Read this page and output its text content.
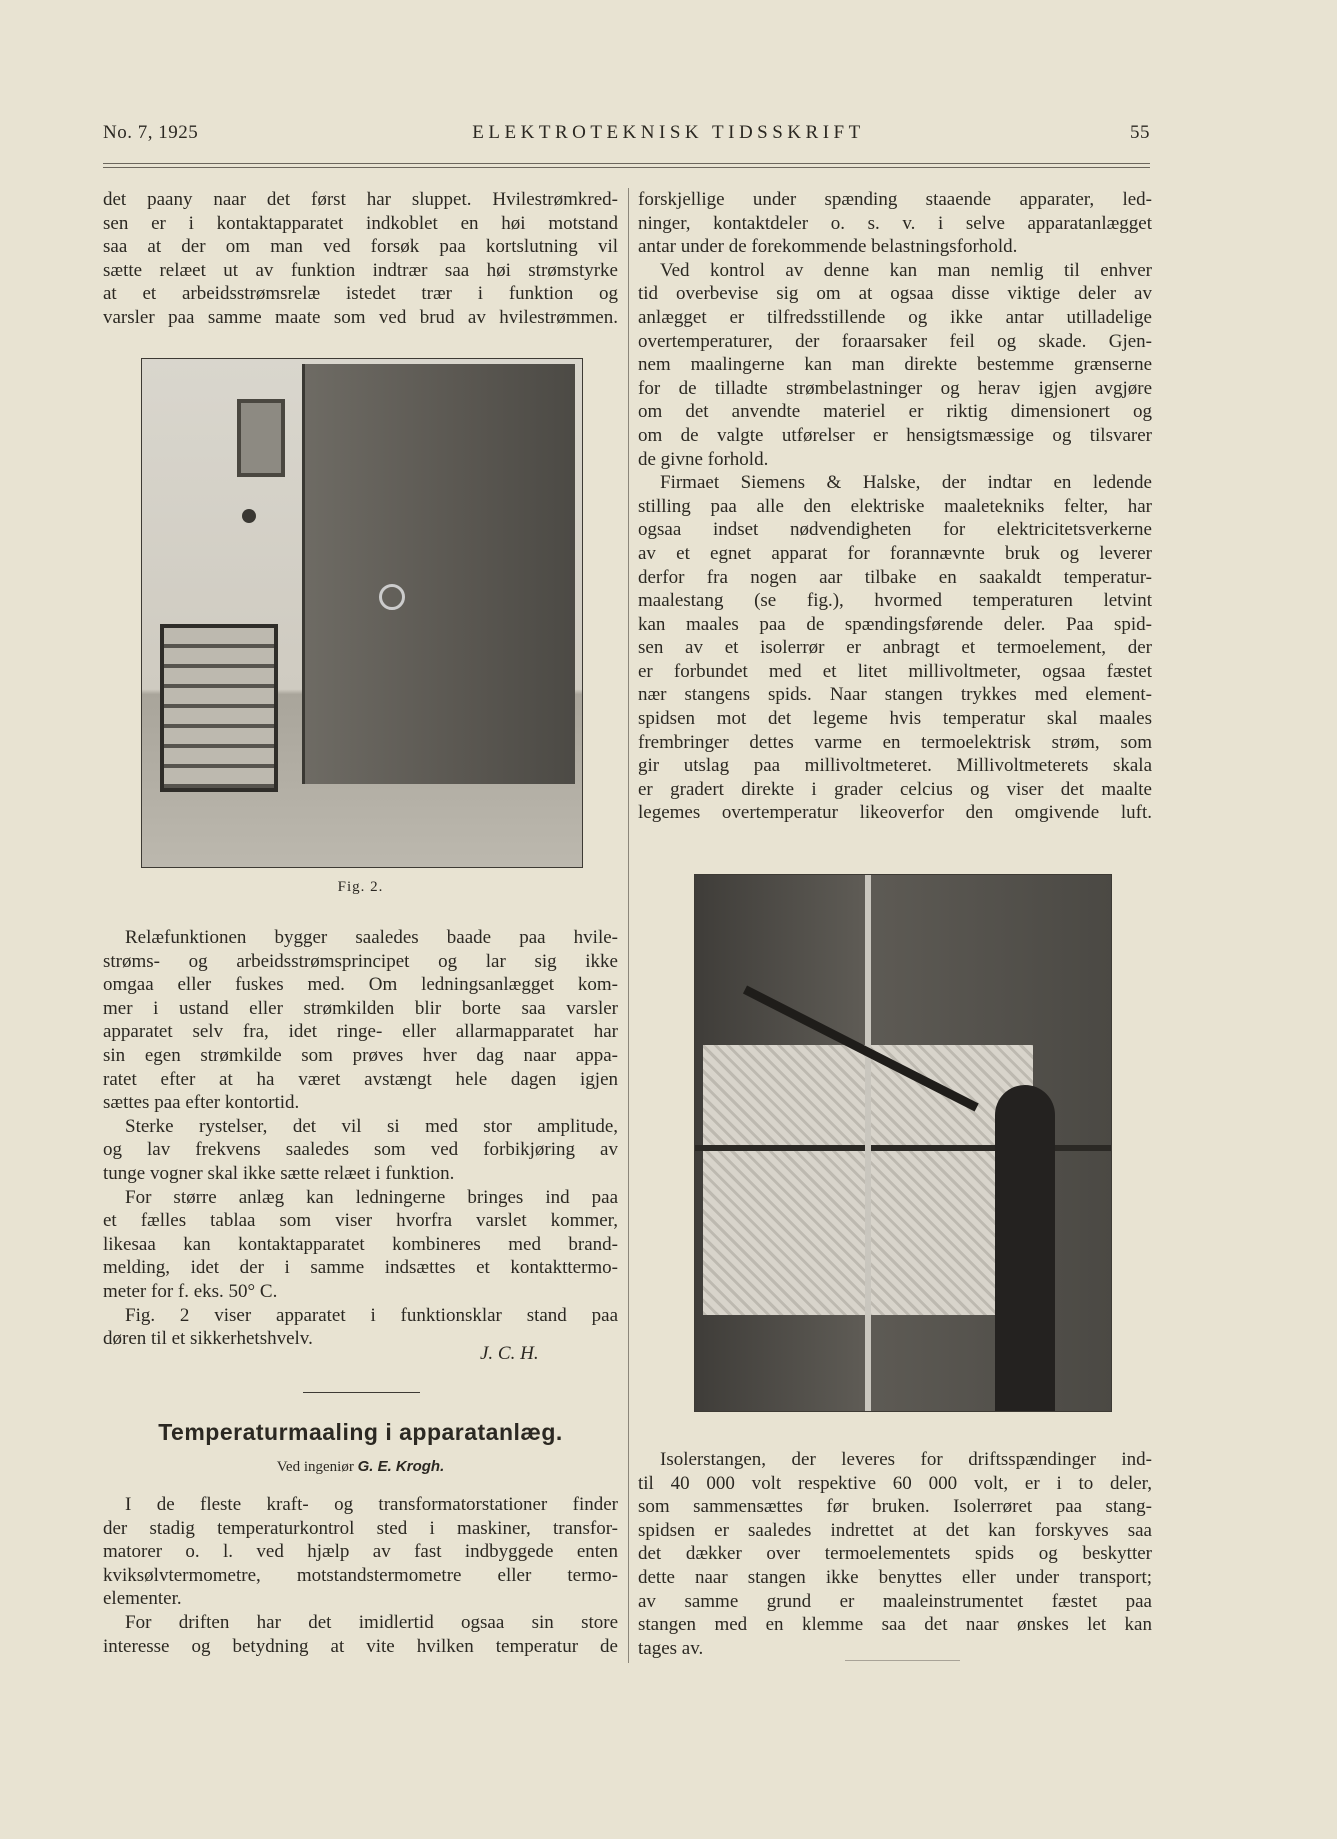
No. 7, 1925	ELEKTROTEKNISK TIDSSKRIFT	55
det paany naar det først har sluppet. Hvilestrømkred-
sen er i kontaktapparatet indkoblet en høi motstand
saa at der om man ved forsøk paa kortslutning vil
sætte relæet ut av funktion indtrær saa høi strømstyrke
at et arbeidsstrømsrelæ istedet trær i funktion og
varsler paa samme maate som ved brud av hvilestrømmen.
Fig. 2.
Relæfunktionen bygger saaledes baade paa hvile-
strøms- og arbeidsstrømsprincipet og lar sig ikke
omgaa eller fuskes med. Om ledningsanlægget kom-
mer i ustand eller strømkilden blir borte saa varsler
apparatet selv fra, idet ringe- eller allarmapparatet har
sin egen strømkilde som prøves hver dag naar appa-
ratet efter at ha været avstængt hele dagen igjen
sættes paa efter kontortid.
Sterke rystelser, det vil si med stor amplitude,
og lav frekvens saaledes som ved forbikjøring av
tunge vogner skal ikke sætte relæet i funktion.
For større anlæg kan ledningerne bringes ind paa
et fælles tablaa som viser hvorfra varslet kommer,
likesaa kan kontaktapparatet kombineres med brand-
melding, idet der i samme indsættes et kontakttermo-
meter for f. eks. 50° C.
Fig. 2 viser apparatet i funktionsklar stand paa
døren til et sikkerhetshvelv.
J. C. H.
Temperaturmaaling i apparatanlæg.
Ved ingeniør G. E. Krogh.
I de fleste kraft- og transformatorstationer finder
der stadig temperaturkontrol sted i maskiner, transfor-
matorer o. l. ved hjælp av fast indbyggede enten
kviksølvtermometre, motstandstermometre eller termo-
elementer.
For driften har det imidlertid ogsaa sin store
interesse og betydning at vite hvilken temperatur de
forskjellige under spænding staaende apparater, led-
ninger, kontaktdeler o. s. v. i selve apparatanlægget
antar under de forekommende belastningsforhold.
Ved kontrol av denne kan man nemlig til enhver
tid overbevise sig om at ogsaa disse viktige deler av
anlægget er tilfredsstillende og ikke antar utilladelige
overtemperaturer, der foraarsaker feil og skade. Gjen-
nem maalingerne kan man direkte bestemme grænserne
for de tilladte strømbelastninger og herav igjen avgjøre
om det anvendte materiel er riktig dimensionert og
om de valgte utførelser er hensigtsmæssige og tilsvarer
de givne forhold.
Firmaet Siemens & Halske, der indtar en ledende
stilling paa alle den elektriske maaletekniks felter, har
ogsaa indset nødvendigheten for elektricitetsverkerne
av et egnet apparat for forannævnte bruk og leverer
derfor fra nogen aar tilbake en saakaldt temperatur-
maalestang (se fig.), hvormed temperaturen letvint
kan maales paa de spændingsførende deler. Paa spid-
sen av et isolerrør er anbragt et termoelement, der
er forbundet med et litet millivoltmeter, ogsaa fæstet
nær stangens spids. Naar stangen trykkes med element-
spidsen mot det legeme hvis temperatur skal maales
frembringer dettes varme en termoelektrisk strøm, som
gir utslag paa millivoltmeteret. Millivoltmeterets skala
er gradert direkte i grader celcius og viser det maalte
legemes overtemperatur likeoverfor den omgivende luft.
Isolerstangen, der leveres for driftsspændinger ind-
til 40 000 volt respektive 60 000 volt, er i to deler,
som sammensættes før bruken. Isolerrøret paa stang-
spidsen er saaledes indrettet at det kan forskyves saa
det dækker over termoelementets spids og beskytter
dette naar stangen ikke benyttes eller under transport;
av samme grund er maaleinstrumentet fæstet paa
stangen med en klemme saa det naar ønskes let kan
tages av.
